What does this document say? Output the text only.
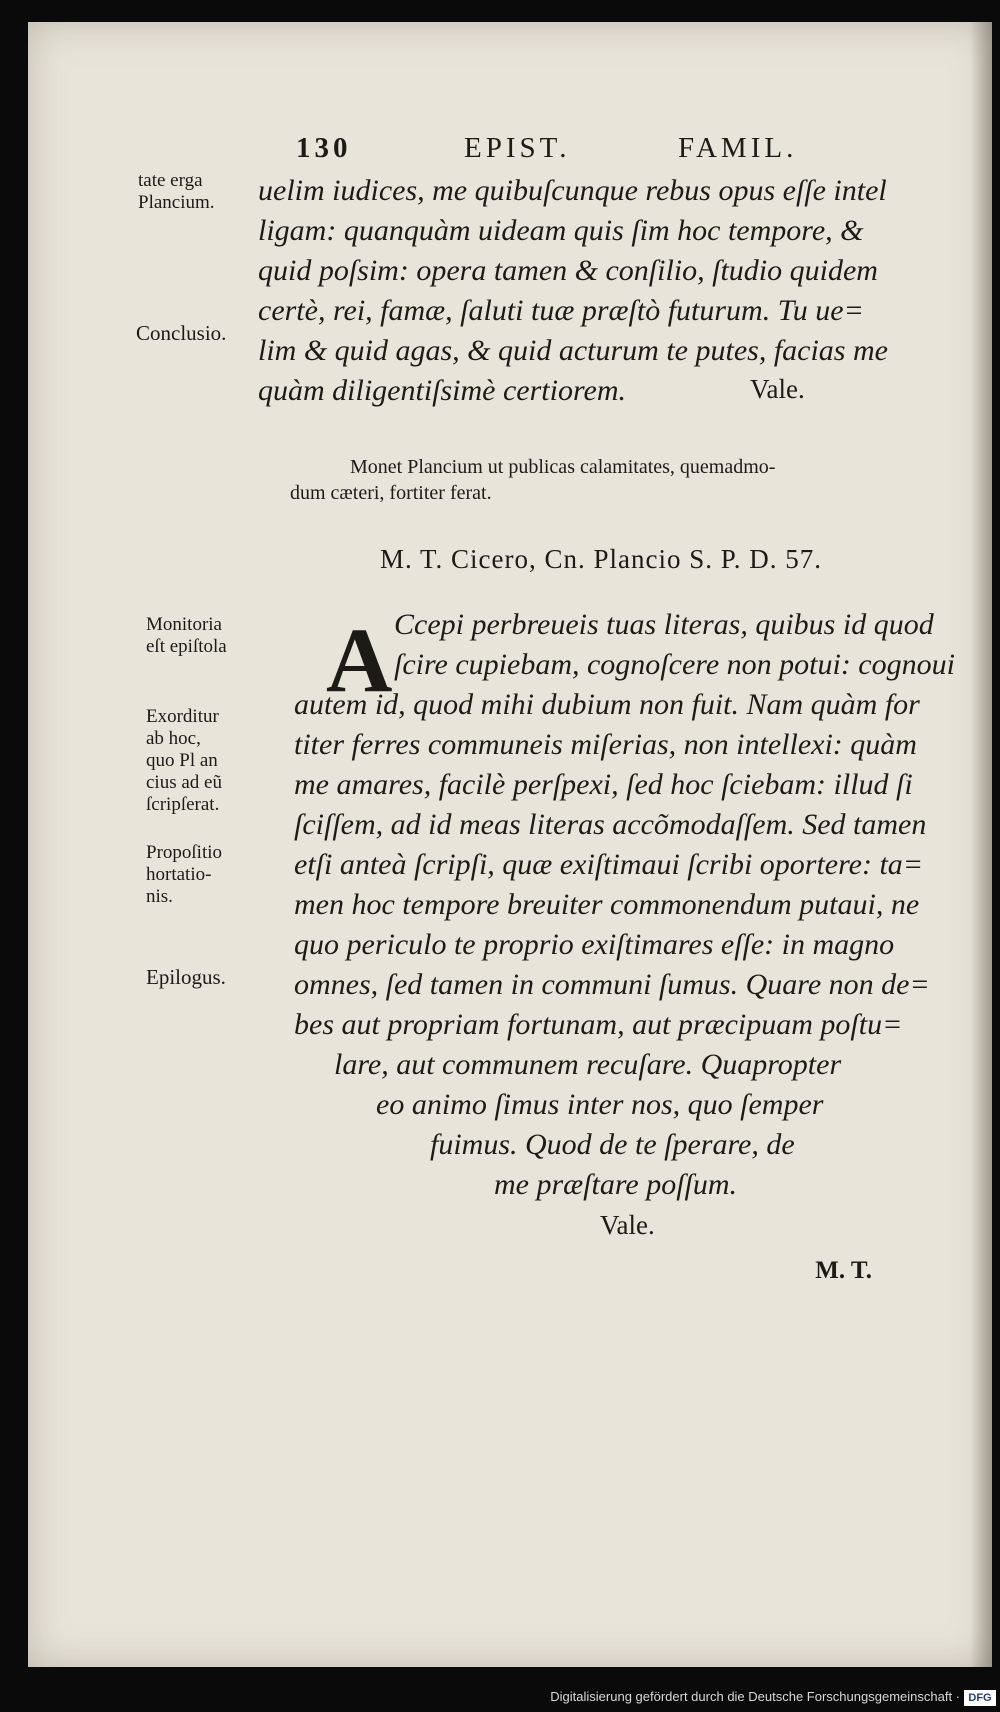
130	EPIST.	FAMIL.
tate erga
Plancium.
Conclusio.
uelim iudices, me quibuſcunque rebus opus eſſe intel
ligam: quanquàm uideam quis ſim hoc tempore, &
quid poſsim: opera tamen & conſilio, ſtudio quidem
certè, rei, famæ, ſaluti tuæ præſtò futurum. Tu ue=
lim & quid agas, & quid acturum te putes, facias me
quàm diligentiſsimè certiorem.	Vale.
Monet Plancium ut publicas calamitates, quemadmo-
dum cæteri, fortiter ferat.
M. T. Cicero, Cn. Plancio S. P. D. 57.
Monitoria
eſt epiſtola
Exorditur
ab hoc,
quo Pl an
cius ad eũ
ſcripſerat.
Propoſitio
hortatio-
nis.
Epilogus.
A Ccepi perbreueis tuas literas, quibus id quod
ſcire cupiebam, cognoſcere non potui: cognoui
autem id, quod mihi dubium non fuit. Nam quàm for
titer ferres communeis miſerias, non intellexi: quàm
me amares, facilè perſpexi, ſed hoc ſciebam: illud ſi
ſciſſem, ad id meas literas accõmodaſſem. Sed tamen
etſi anteà ſcripſi, quæ exiſtimaui ſcribi oportere: ta=
men hoc tempore breuiter commonendum putaui, ne
quo periculo te proprio exiſtimares eſſe: in magno
omnes, ſed tamen in communi ſumus. Quare non de=
bes aut propriam fortunam, aut præcipuam poſtu=
lare, aut communem recuſare. Quapropter
eo animo ſimus inter nos, quo ſemper
fuimus. Quod de te ſperare, de
me præſtare poſſum.
Vale.
M. T.
Digitalisierung gefördert durch die Deutsche Forschungsgemeinschaft · DFG
